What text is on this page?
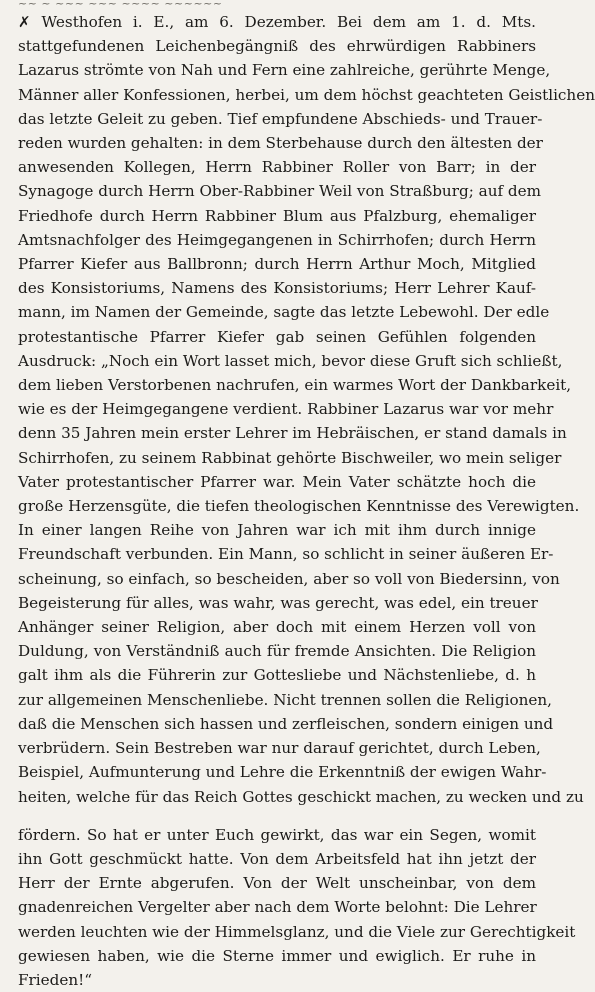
~~ ~ ~~~ ~~~ ~~~~ ~~~~~~
✗ Westhofen i. E., am 6. Dezember. Bei dem am 1. d. Mts.
stattgefundenen Leichenbegängniß des ehrwürdigen Rabbiners
Lazarus strömte von Nah und Fern eine zahlreiche, gerührte Menge,
Männer aller Konfessionen, herbei, um dem höchst geachteten Geistlichen
das letzte Geleit zu geben. Tief empfundene Abschieds- und Trauer-
reden wurden gehalten: in dem Sterbehause durch den ältesten der
anwesenden Kollegen, Herrn Rabbiner Roller von Barr; in der
Synagoge durch Herrn Ober-Rabbiner Weil von Straßburg; auf dem
Friedhofe durch Herrn Rabbiner Blum aus Pfalzburg, ehemaliger
Amtsnachfolger des Heimgegangenen in Schirrhofen; durch Herrn
Pfarrer Kiefer aus Ballbronn; durch Herrn Arthur Moch, Mitglied
des Konsistoriums, Namens des Konsistoriums; Herr Lehrer Kauf-
mann, im Namen der Gemeinde, sagte das letzte Lebewohl. Der edle
protestantische Pfarrer Kiefer gab seinen Gefühlen folgenden
Ausdruck: „Noch ein Wort lasset mich, bevor diese Gruft sich schließt,
dem lieben Verstorbenen nachrufen, ein warmes Wort der Dankbarkeit,
wie es der Heimgegangene verdient. Rabbiner Lazarus war vor mehr
denn 35 Jahren mein erster Lehrer im Hebräischen, er stand damals in
Schirrhofen, zu seinem Rabbinat gehörte Bischweiler, wo mein seliger
Vater protestantischer Pfarrer war. Mein Vater schätzte hoch die
große Herzensgüte, die tiefen theologischen Kenntnisse des Verewigten.
In einer langen Reihe von Jahren war ich mit ihm durch innige
Freundschaft verbunden. Ein Mann, so schlicht in seiner äußeren Er-
scheinung, so einfach, so bescheiden, aber so voll von Biedersinn, von
Begeisterung für alles, was wahr, was gerecht, was edel, ein treuer
Anhänger seiner Religion, aber doch mit einem Herzen voll von
Duldung, von Verständniß auch für fremde Ansichten. Die Religion
galt ihm als die Führerin zur Gottesliebe und Nächstenliebe, d. h
zur allgemeinen Menschenliebe. Nicht trennen sollen die Religionen,
daß die Menschen sich hassen und zerfleischen, sondern einigen und
verbrüdern. Sein Bestreben war nur darauf gerichtet, durch Leben,
Beispiel, Aufmunterung und Lehre die Erkenntniß der ewigen Wahr-
heiten, welche für das Reich Gottes geschickt machen, zu wecken und zu
fördern. So hat er unter Euch gewirkt, das war ein Segen, womit
ihn Gott geschmückt hatte. Von dem Arbeitsfeld hat ihn jetzt der
Herr der Ernte abgerufen. Von der Welt unscheinbar, von dem
gnadenreichen Vergelter aber nach dem Worte belohnt: Die Lehrer
werden leuchten wie der Himmelsglanz, und die Viele zur Gerechtigkeit
gewiesen haben, wie die Sterne immer und ewiglich. Er ruhe in
Frieden!“
